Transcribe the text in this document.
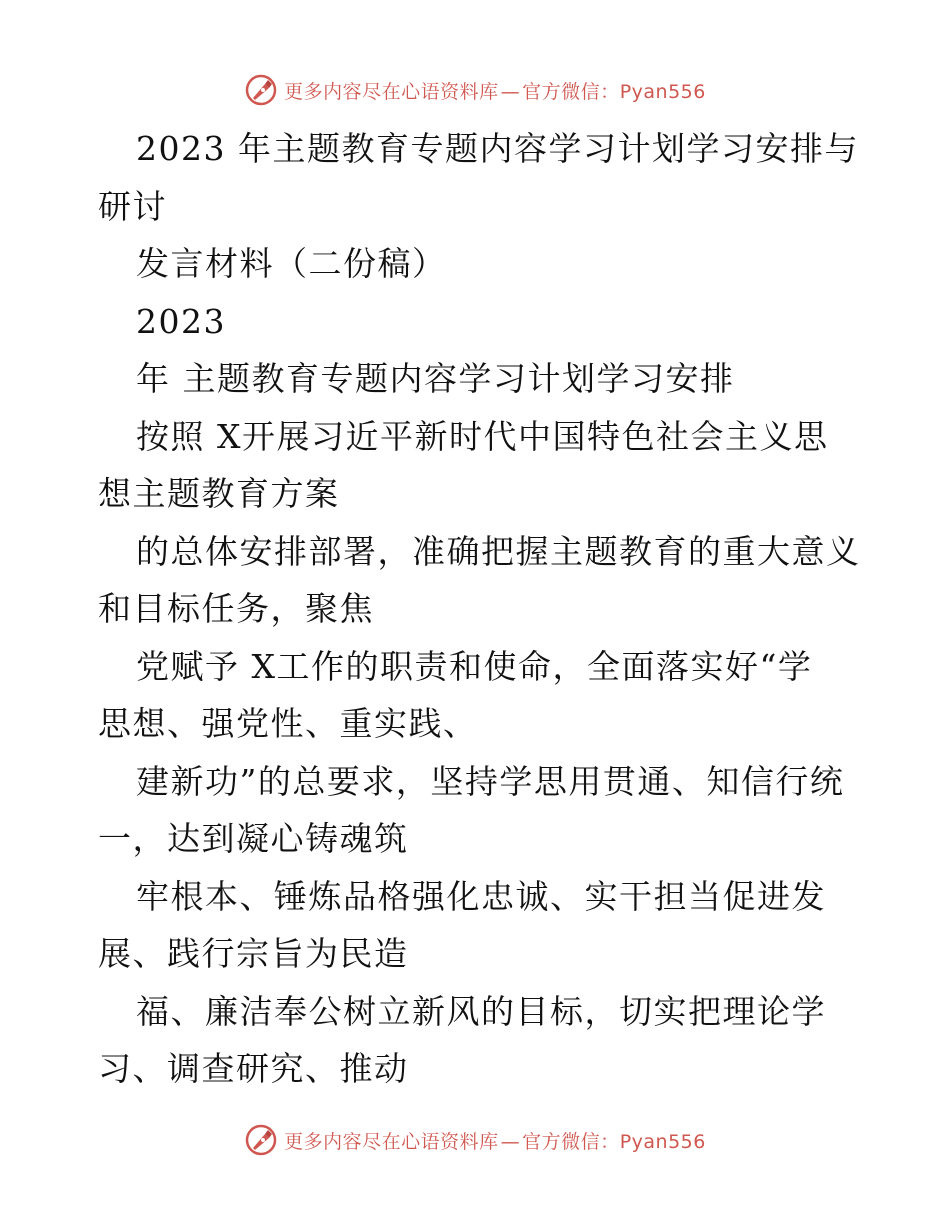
更多内容尽在心语资料库 — 官方微信：Pyan556
2023 年主题教育专题内容学习计划学习安排与
研讨
发言材料（二份稿）
2023
年 主题教育专题内容学习计划学习安排
按照 X开展习近平新时代中国特色社会主义思
想主题教育方案
的总体安排部署，准确把握主题教育的重大意义
和目标任务，聚焦
党赋予 X工作的职责和使命，全面落实好“学
思想、强党性、重实践、
建新功”的总要求，坚持学思用贯通、知信行统
一，达到凝心铸魂筑
牢根本、锤炼品格强化忠诚、实干担当促进发
展、践行宗旨为民造
福、廉洁奉公树立新风的目标，切实把理论学
习、调查研究、推动
更多内容尽在心语资料库 — 官方微信：Pyan556
